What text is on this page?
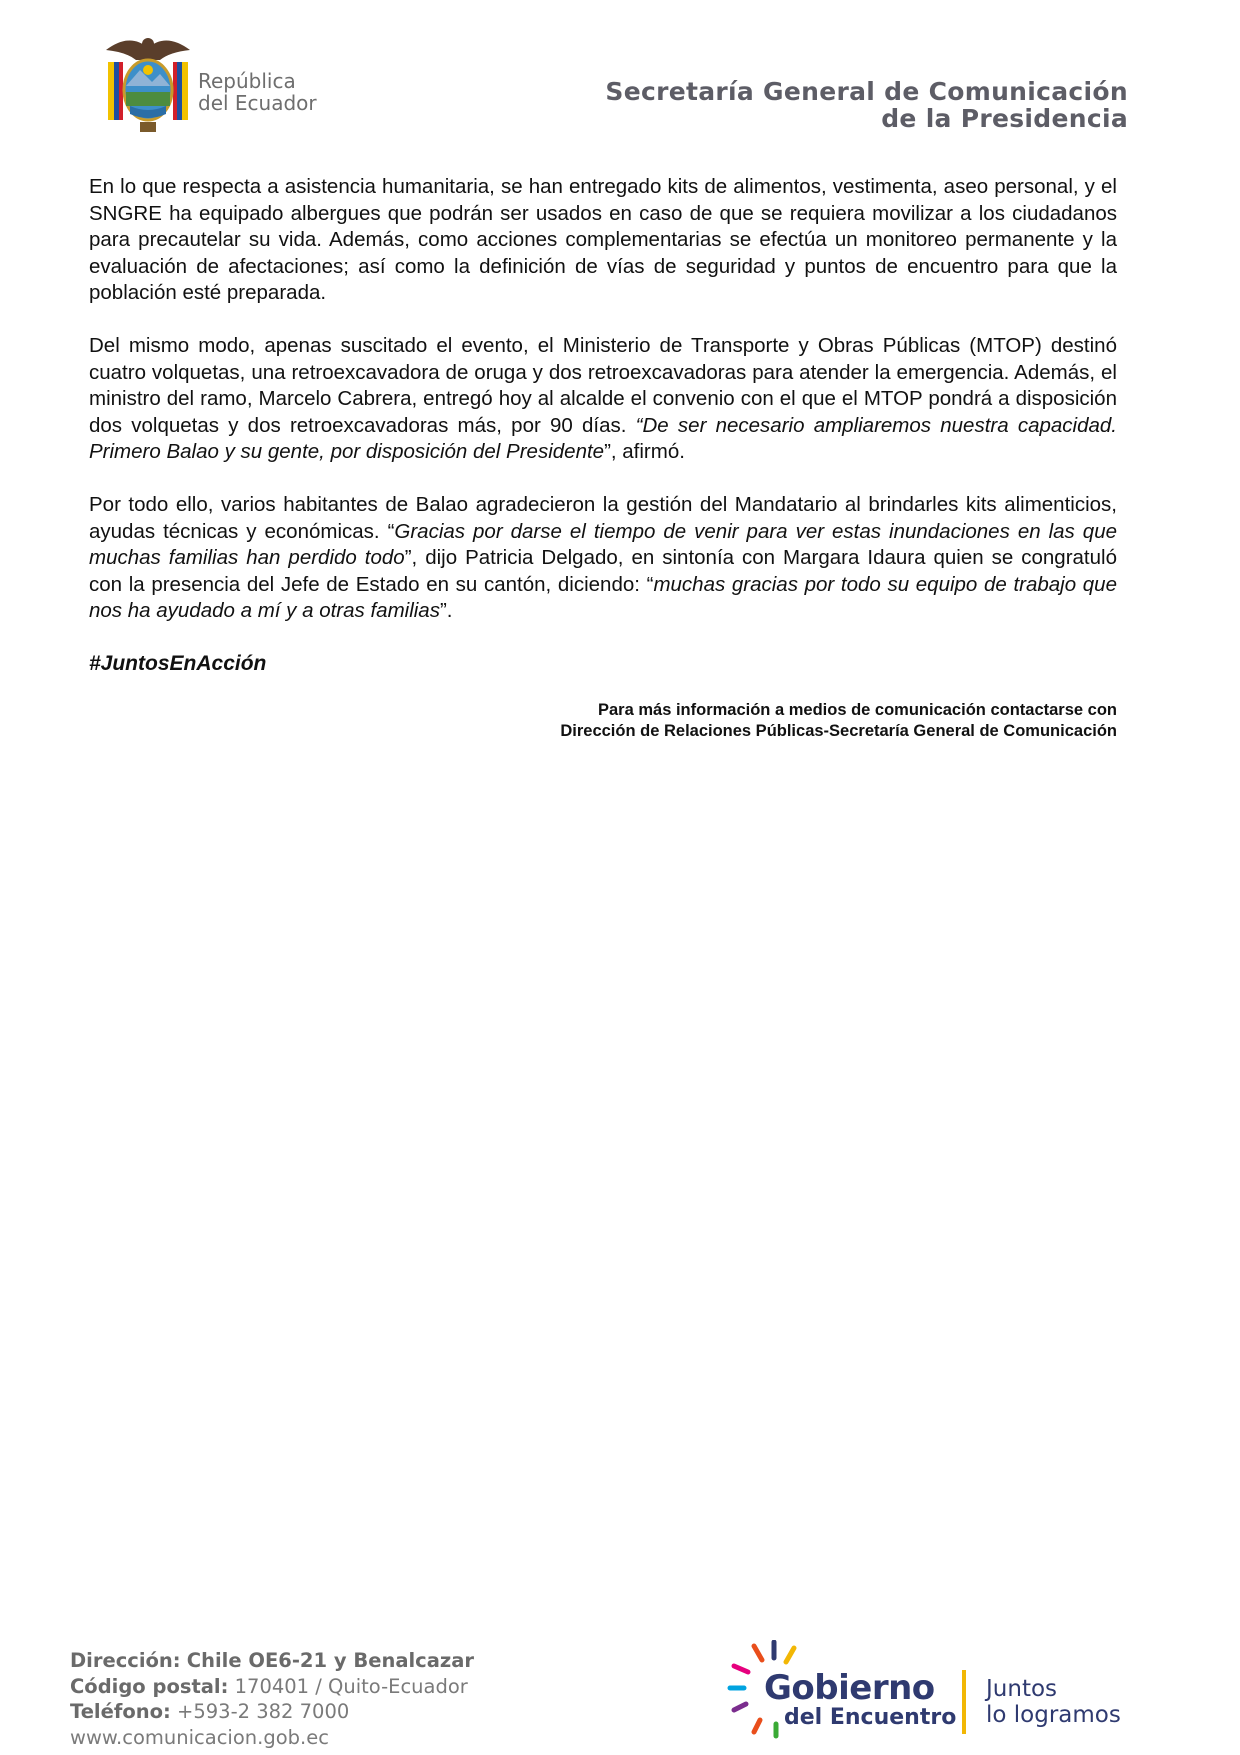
República
del Ecuador	Secretaría General de Comunicación
de la Presidencia

En lo que respecta a asistencia humanitaria, se han entregado kits de alimentos, vestimenta, aseo personal, y el SNGRE ha equipado albergues que podrán ser usados en caso de que se requiera movilizar a los ciudadanos para precautelar su vida. Además, como acciones complementarias se efectúa un monitoreo permanente y la evaluación de afectaciones; así como la definición de vías de seguridad y puntos de encuentro para que la población esté preparada.

Del mismo modo, apenas suscitado el evento, el Ministerio de Transporte y Obras Públicas (MTOP) destinó cuatro volquetas, una retroexcavadora de oruga y dos retroexcavadoras para atender la emergencia. Además, el ministro del ramo, Marcelo Cabrera, entregó hoy al alcalde el convenio con el que el MTOP pondrá a disposición dos volquetas y dos retroexcavadoras más, por 90 días. “De ser necesario ampliaremos nuestra capacidad. Primero Balao y su gente, por disposición del Presidente”, afirmó.

Por todo ello, varios habitantes de Balao agradecieron la gestión del Mandatario al brindarles kits alimenticios, ayudas técnicas y económicas. “Gracias por darse el tiempo de venir para ver estas inundaciones en las que muchas familias han perdido todo”, dijo Patricia Delgado, en sintonía con Margara Idaura quien se congratuló con la presencia del Jefe de Estado en su cantón, diciendo: “muchas gracias por todo su equipo de trabajo que nos ha ayudado a mí y a otras familias”.

#JuntosEnAcción

Para más información a medios de comunicación contactarse con
Dirección de Relaciones Públicas-Secretaría General de Comunicación
Dirección: Chile OE6-21 y Benalcazar
Código postal: 170401 / Quito-Ecuador
Teléfono: +593-2 382 7000
www.comunicacion.gob.ec
Gobierno
del Encuentro
Juntos
lo logramos
